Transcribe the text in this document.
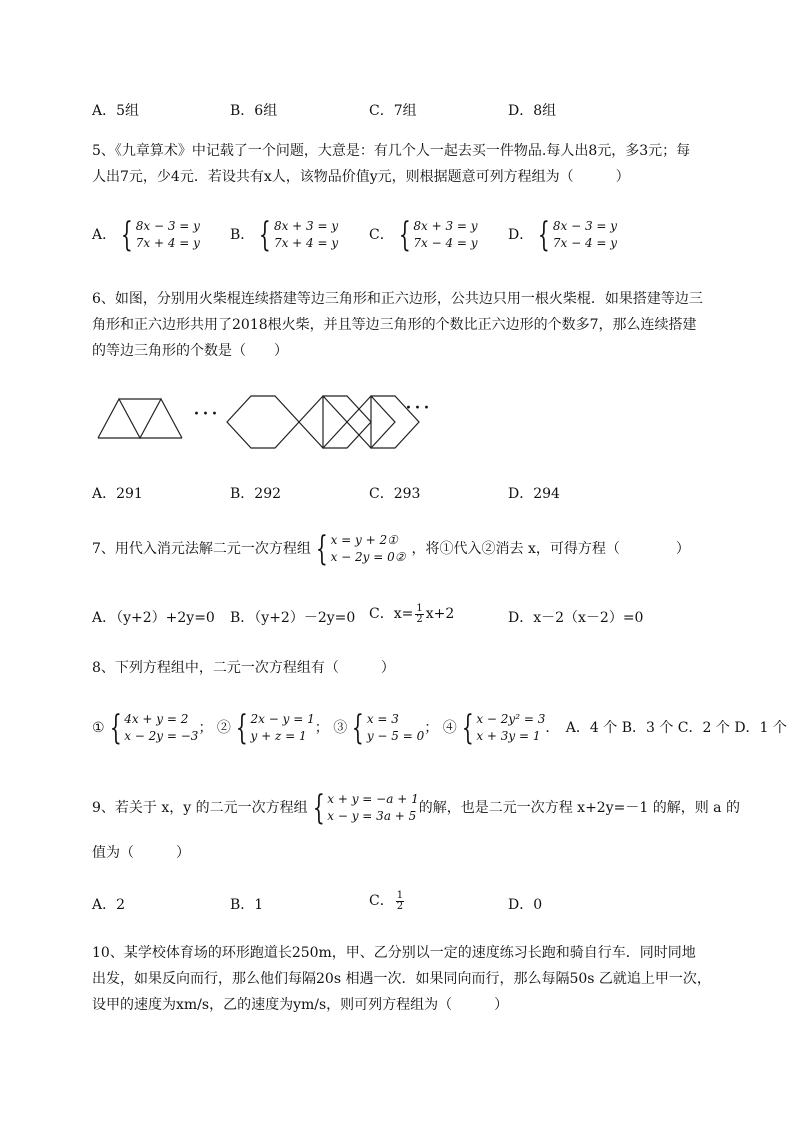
A．5组	B．6组	C．7组	D．8组
5、《九章算术》中记载了一个问题，大意是：有几个人一起去买一件物品.每人出8元，多3元；每
人出7元，少4元．若设共有x人，该物品价值y元，则根据题意可列方程组为（　　　）
A． { 8x − 3 = y
7x + 4 = y B． { 8x + 3 = y
7x + 4 = y C． { 8x + 3 = y
7x − 4 = y D． { 8x − 3 = y
7x − 4 = y
6、如图，分别用火柴棍连续搭建等边三角形和正六边形，公共边只用一根火柴棍．如果搭建等边三
角形和正六边形共用了2018根火柴，并且等边三角形的个数比正六边形的个数多7，那么连续搭建
的等边三角形的个数是（　　）
···	···
A．291	B．292	C．293	D．294
7、用代入消元法解二元一次方程组 { x = y + 2①
x − 2y = 0② ，将①代入②消去 x，可得方程（　　　　）
A．（y+2）+2y=0 B．（y+2）－2y=0 C．$x= \frac{1}{2} x+2$	D．x－2（x－2）=0
8、下列方程组中，二元一次方程组有（　　　）
① { 4x + y = 2
x − 2y = −3 ； ② { 2x − y = 1
y + z = 1 ； ③ { x = 3
y − 5 = 0 ； ④ { x − 2y² = 3
x + 3y = 1 ． A．4 个 B．3 个 C．2 个 D．1 个
9、若关于 x，y 的二元一次方程组 { x + y = −a + 1
x − y = 3a + 5 的解，也是二元一次方程 x+2y=－1 的解，则 a 的
值为（　　　）
A．2	B．1	C． $\frac{1}{2}$	D．0
10、某学校体育场的环形跑道长250m，甲、乙分别以一定的速度练习长跑和骑自行车．同时同地
出发，如果反向而行，那么他们每隔20s 相遇一次．如果同向而行，那么每隔50s 乙就追上甲一次，
设甲的速度为xm/s，乙的速度为ym/s，则可列方程组为（　　　）
